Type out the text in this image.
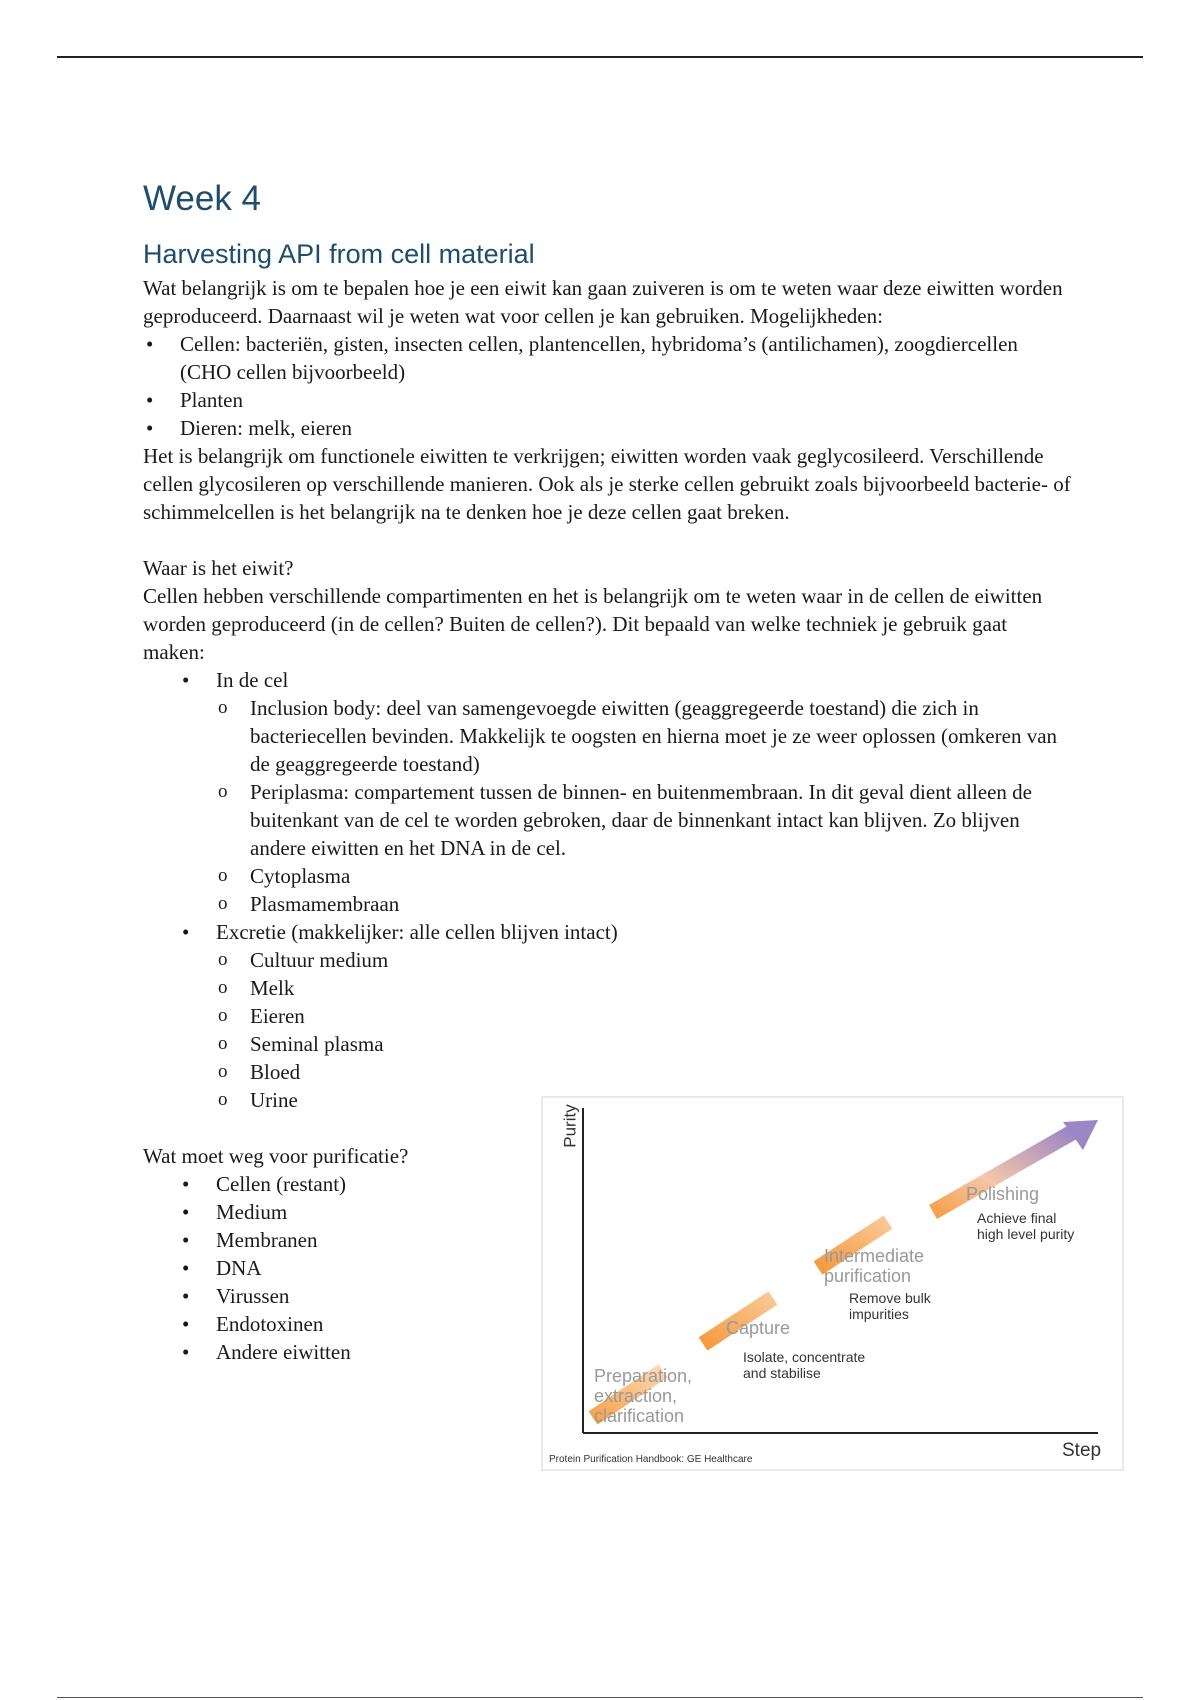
Week 4
Harvesting API from cell material

Wat belangrijk is om te bepalen hoe je een eiwit kan gaan zuiveren is om te weten waar deze eiwitten worden geproduceerd. Daarnaast wil je weten wat voor cellen je kan gebruiken. Mogelijkheden:

• Cellen: bacteriën, gisten, insecten cellen, plantencellen, hybridoma’s (antilichamen), zoogdiercellen (CHO cellen bijvoorbeeld)
• Planten
• Dieren: melk, eieren

Het is belangrijk om functionele eiwitten te verkrijgen; eiwitten worden vaak geglycosileerd. Verschillende cellen glycosileren op verschillende manieren. Ook als je sterke cellen gebruikt zoals bijvoorbeeld bacterie- of schimmelcellen is het belangrijk na te denken hoe je deze cellen gaat breken.

Waar is het eiwit?

Cellen hebben verschillende compartimenten en het is belangrijk om te weten waar in de cellen de eiwitten worden geproduceerd (in de cellen? Buiten de cellen?). Dit bepaald van welke techniek je gebruik gaat maken:

• In de cel
o Inclusion body: deel van samengevoegde eiwitten (geaggregeerde toestand) die zich in bacteriecellen bevinden. Makkelijk te oogsten en hierna moet je ze weer oplossen (omkeren van de geaggregeerde toestand)
o Periplasma: compartement tussen de binnen- en buitenmembraan. In dit geval dient alleen de buitenkant van de cel te worden gebroken, daar de binnenkant intact kan blijven. Zo blijven andere eiwitten en het DNA in de cel.
o Cytoplasma
o Plasmamembraan
• Excretie (makkelijker: alle cellen blijven intact)
o Cultuur medium
o Melk
o Eieren
o Seminal plasma
o Bloed
o Urine

Wat moet weg voor purificatie?

• Cellen (restant)
• Medium
• Membranen
• DNA
• Virussen
• Endotoxinen
• Andere eiwitten
Purity
Step
Protein Purification Handbook: GE Healthcare
Preparation,
extraction,
clarification
Capture
Isolate, concentrate
and stabilise
Intermediate
purification
Remove bulk
impurities
Polishing
Achieve final
high level purity
